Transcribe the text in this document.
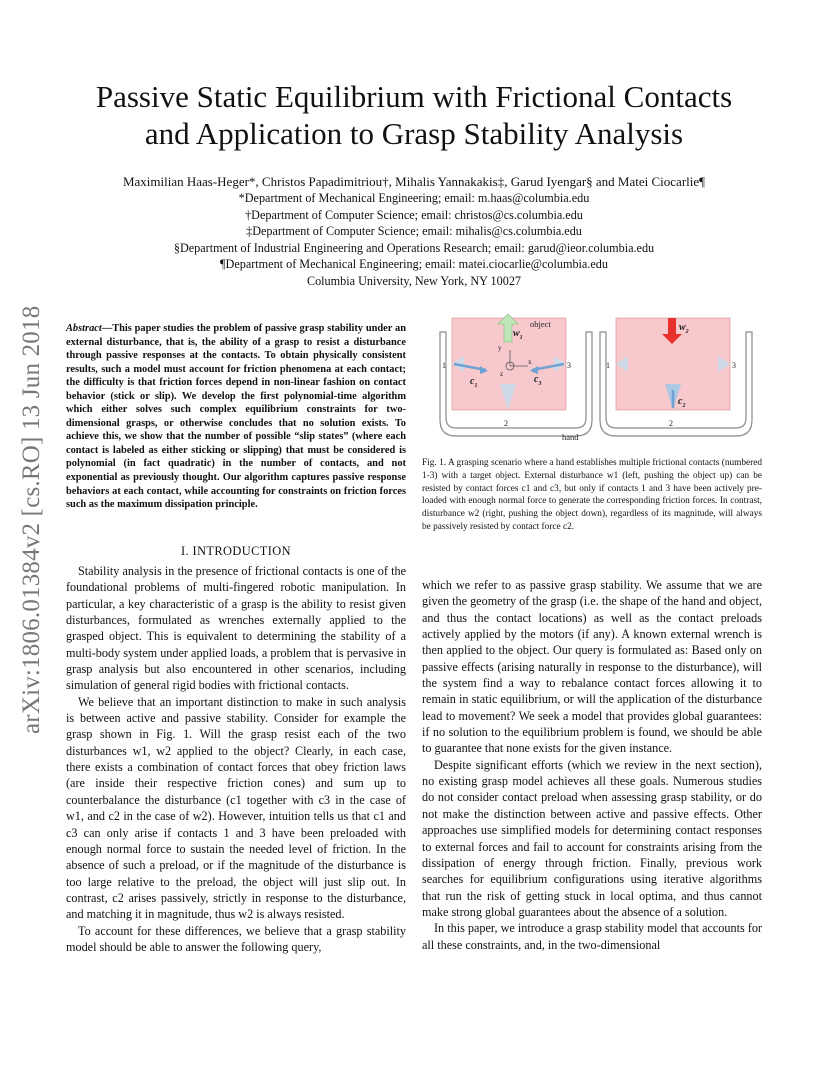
arXiv:1806.01384v2 [cs.RO] 13 Jun 2018
Passive Static Equilibrium with Frictional Contacts
and Application to Grasp Stability Analysis
Maximilian Haas-Heger*, Christos Papadimitriou†, Mihalis Yannakakis‡, Garud Iyengar§ and Matei Ciocarlie¶
*Department of Mechanical Engineering; email: m.haas@columbia.edu
†Department of Computer Science; email: christos@cs.columbia.edu
‡Department of Computer Science; email: mihalis@cs.columbia.edu
§Department of Industrial Engineering and Operations Research; email: garud@ieor.columbia.edu
¶Department of Mechanical Engineering; email: matei.ciocarlie@columbia.edu
Columbia University, New York, NY 10027
Abstract—This paper studies the problem of passive grasp stability under an external disturbance, that is, the ability of a grasp to resist a disturbance through passive responses at the contacts. To obtain physically consistent results, such a model must account for friction phenomena at each contact; the difficulty is that friction forces depend in non-linear fashion on contact behavior (stick or slip). We develop the first polynomial-time algorithm which either solves such complex equilibrium constraints for two-dimensional grasps, or otherwise concludes that no solution exists. To achieve this, we show that the number of possible “slip states” (where each contact is labeled as either sticking or slipping) that must be considered is polynomial (in fact quadratic) in the number of contacts, and not exponential as previously thought. Our algorithm captures passive response behaviors at each contact, while accounting for constraints on friction forces such as the maximum dissipation principle.
I. INTRODUCTION

Stability analysis in the presence of frictional contacts is one of the foundational problems of multi-fingered robotic manipulation. In particular, a key characteristic of a grasp is the ability to resist given disturbances, formulated as wrenches externally applied to the grasped object. This is equivalent to determining the stability of a multi-body system under applied loads, a problem that is pervasive in grasp analysis but also encountered in other scenarios, including simulation of general rigid bodies with frictional contacts.

We believe that an important distinction to make in such analysis is between active and passive stability. Consider for example the grasp shown in Fig. 1. Will the grasp resist each of the two disturbances w1, w2 applied to the object? Clearly, in each case, there exists a combination of contact forces that obey friction laws (are inside their respective friction cones) and sum up to counterbalance the disturbance (c1 together with c3 in the case of w1, and c2 in the case of w2). However, intuition tells us that c1 and c3 can only arise if contacts 1 and 3 have been preloaded with enough normal force to sustain the needed level of friction. In the absence of such a preload, or if the magnitude of the disturbance is too large relative to the preload, the object will just slip out. In contrast, c2 arises passively, strictly in response to the disturbance, and matching it in magnitude, thus w2 is always resisted.

To account for these differences, we believe that a grasp stability model should be able to answer the following query,

x
y
z
object
$w_1$
$c_1$
$c_3$
1	3
2
hand
$w_2$
$c_2$
1	3
2
Fig. 1. A grasping scenario where a hand establishes multiple frictional contacts (numbered 1-3) with a target object. External disturbance w1 (left, pushing the object up) can be resisted by contact forces c1 and c3, but only if contacts 1 and 3 have been actively pre-loaded with enough normal force to generate the corresponding friction forces. In contrast, disturbance w2 (right, pushing the object down), regardless of its magnitude, will always be passively resisted by contact force c2.

which we refer to as passive grasp stability. We assume that we are given the geometry of the grasp (i.e. the shape of the hand and object, and thus the contact locations) as well as the contact preloads actively applied by the motors (if any). A known external wrench is then applied to the object. Our query is formulated as: Based only on passive effects (arising naturally in response to the disturbance), will the system find a way to rebalance contact forces allowing it to remain in static equilibrium, or will the application of the disturbance lead to movement? We seek a model that provides global guarantees: if no solution to the equilibrium problem is found, we should be able to guarantee that none exists for the given instance.

Despite significant efforts (which we review in the next section), no existing grasp model achieves all these goals. Numerous studies do not consider contact preload when assessing grasp stability, or do not make the distinction between active and passive effects. Other approaches use simplified models for determining contact responses to external forces and fail to account for constraints arising from the dissipation of energy through friction. Finally, previous work searches for equilibrium configurations using iterative algorithms that run the risk of getting stuck in local optima, and thus cannot make strong global guarantees about the absence of a solution.

In this paper, we introduce a grasp stability model that accounts for all these constraints, and, in the two-dimensional
